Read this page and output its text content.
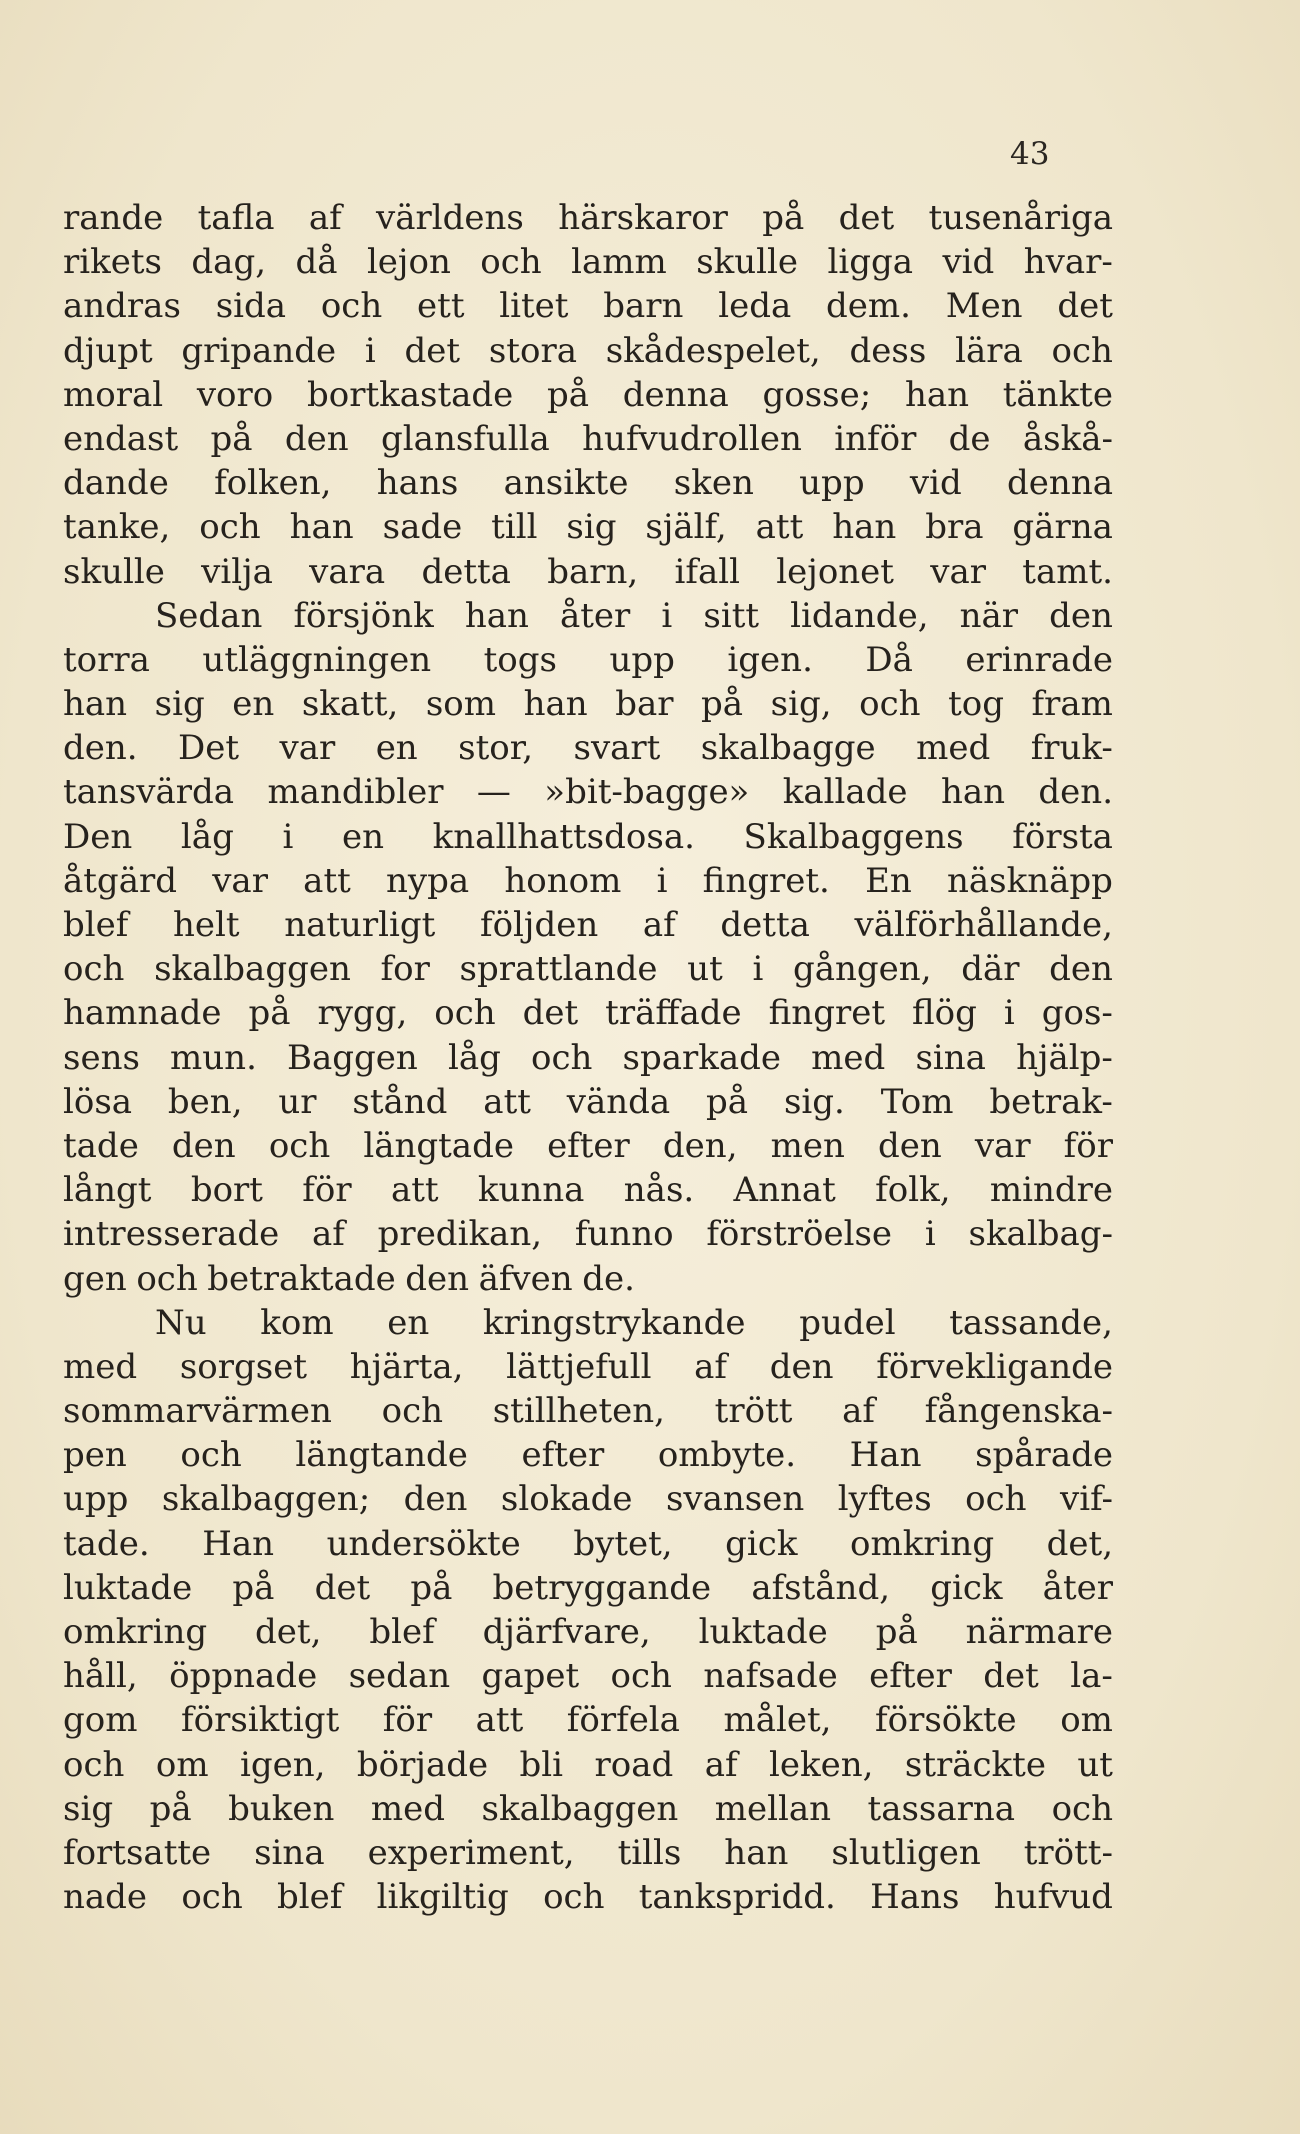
43
rande tafla af världens härskaror på det tusenåriga
rikets dag, då lejon och lamm skulle ligga vid hvar-
andras sida och ett litet barn leda dem. Men det
djupt gripande i det stora skådespelet, dess lära och
moral voro bortkastade på denna gosse; han tänkte
endast på den glansfulla hufvudrollen inför de åskå-
dande folken, hans ansikte sken upp vid denna
tanke, och han sade till sig själf, att han bra gärna
skulle vilja vara detta barn, ifall lejonet var tamt.
Sedan försjönk han åter i sitt lidande, när den
torra utläggningen togs upp igen. Då erinrade
han sig en skatt, som han bar på sig, och tog fram
den. Det var en stor, svart skalbagge med fruk-
tansvärda mandibler — »bit-bagge» kallade han den.
Den låg i en knallhattsdosa. Skalbaggens första
åtgärd var att nypa honom i fingret. En näsknäpp
blef helt naturligt följden af detta välförhållande,
och skalbaggen for sprattlande ut i gången, där den
hamnade på rygg, och det träffade fingret flög i gos-
sens mun. Baggen låg och sparkade med sina hjälp-
lösa ben, ur stånd att vända på sig. Tom betrak-
tade den och längtade efter den, men den var för
långt bort för att kunna nås. Annat folk, mindre
intresserade af predikan, funno förströelse i skalbag-
gen och betraktade den äfven de.
Nu kom en kringstrykande pudel tassande,
med sorgset hjärta, lättjefull af den förvekligande
sommarvärmen och stillheten, trött af fångenska-
pen och längtande efter ombyte. Han spårade
upp skalbaggen; den slokade svansen lyftes och vif-
tade. Han undersökte bytet, gick omkring det,
luktade på det på betryggande afstånd, gick åter
omkring det, blef djärfvare, luktade på närmare
håll, öppnade sedan gapet och nafsade efter det la-
gom försiktigt för att förfela målet, försökte om
och om igen, började bli road af leken, sträckte ut
sig på buken med skalbaggen mellan tassarna och
fortsatte sina experiment, tills han slutligen trött-
nade och blef likgiltig och tankspridd. Hans hufvud
